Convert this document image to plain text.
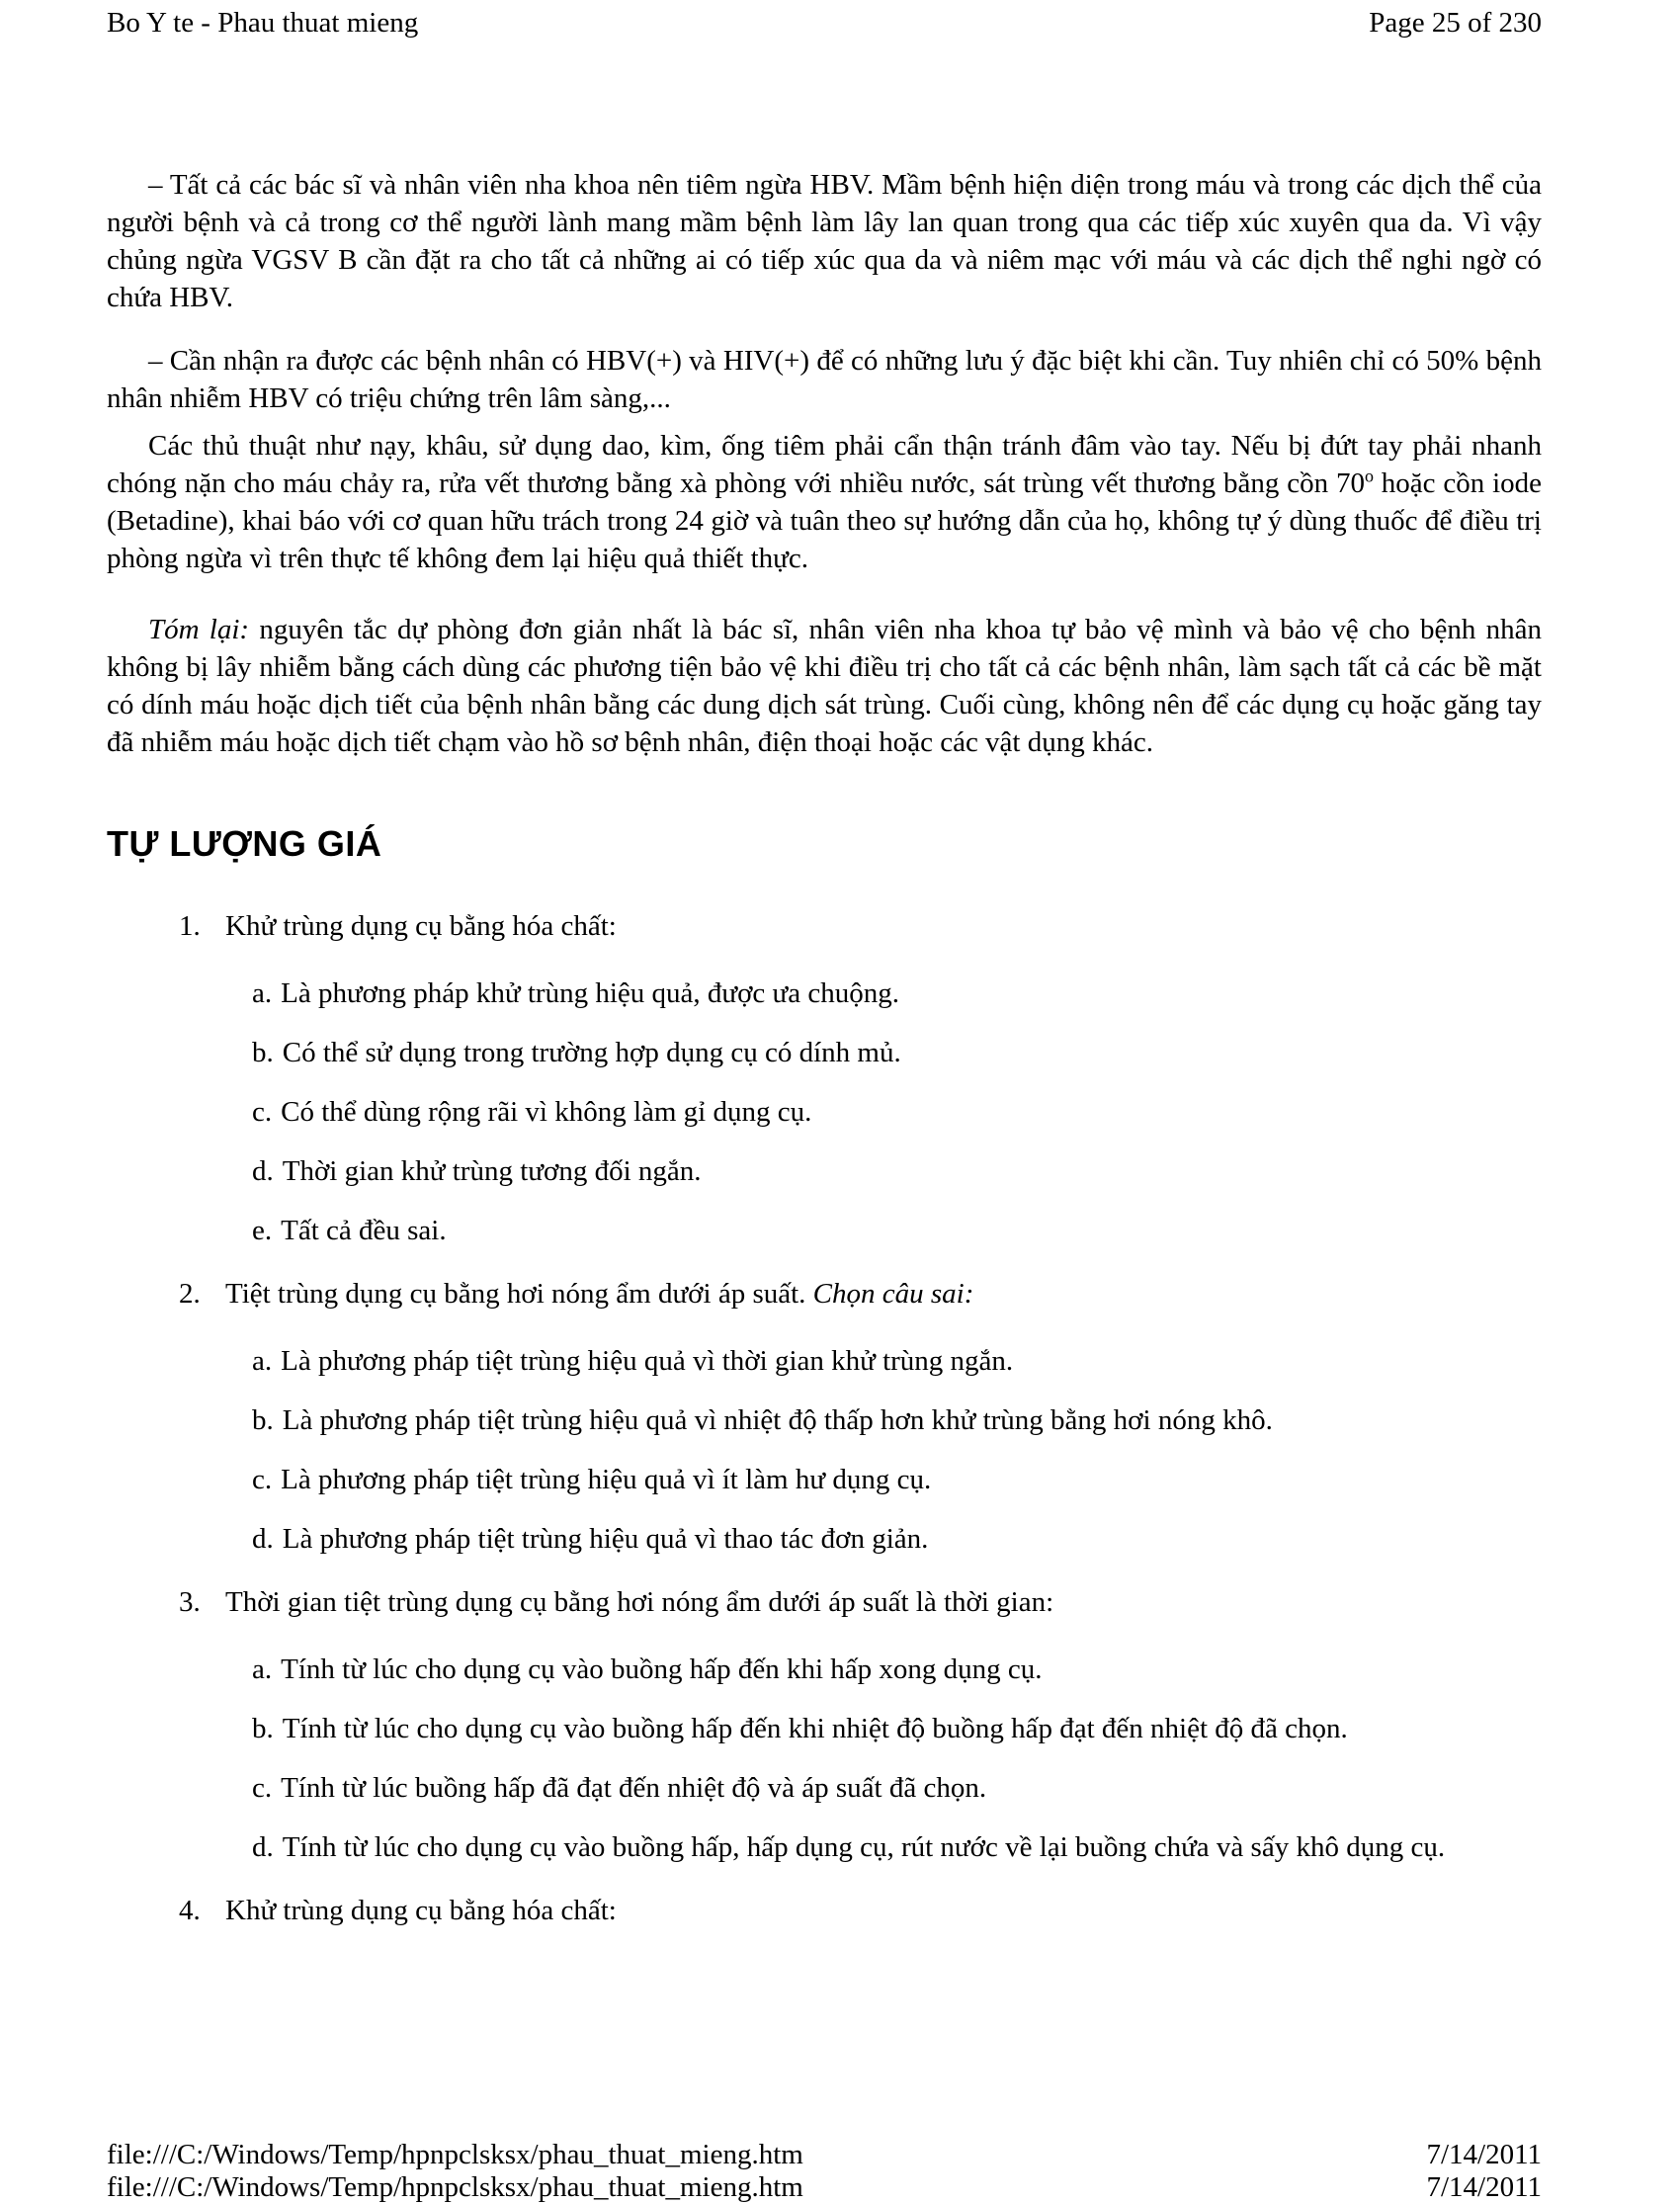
Bo Y te - Phau thuat mieng	Page 25 of 230

– Tất cả các bác sĩ và nhân viên nha khoa nên tiêm ngừa HBV. Mầm bệnh hiện diện trong máu và trong các dịch thể của người bệnh và cả trong cơ thể người lành mang mầm bệnh làm lây lan quan trong qua các tiếp xúc xuyên qua da. Vì vậy chủng ngừa VGSV B cần đặt ra cho tất cả những ai có tiếp xúc qua da và niêm mạc với máu và các dịch thể nghi ngờ có chứa HBV.

– Cần nhận ra được các bệnh nhân có HBV(+) và HIV(+) để có những lưu ý đặc biệt khi cần. Tuy nhiên chỉ có 50% bệnh nhân nhiễm HBV có triệu chứng trên lâm sàng,...

Các thủ thuật như nạy, khâu, sử dụng dao, kìm, ống tiêm phải cẩn thận tránh đâm vào tay. Nếu bị đứt tay phải nhanh chóng nặn cho máu chảy ra, rửa vết thương bằng xà phòng với nhiều nước, sát trùng vết thương bằng cồn 70$^o$ hoặc cồn iode (Betadine), khai báo với cơ quan hữu trách trong 24 giờ và tuân theo sự hướng dẫn của họ, không tự ý dùng thuốc để điều trị phòng ngừa vì trên thực tế không đem lại hiệu quả thiết thực.

Tóm lại: nguyên tắc dự phòng đơn giản nhất là bác sĩ, nhân viên nha khoa tự bảo vệ mình và bảo vệ cho bệnh nhân không bị lây nhiễm bằng cách dùng các phương tiện bảo vệ khi điều trị cho tất cả các bệnh nhân, làm sạch tất cả các bề mặt có dính máu hoặc dịch tiết của bệnh nhân bằng các dung dịch sát trùng. Cuối cùng, không nên để các dụng cụ hoặc găng tay đã nhiễm máu hoặc dịch tiết chạm vào hồ sơ bệnh nhân, điện thoại hoặc các vật dụng khác.

TỰ LƯỢNG GIÁ
1. Khử trùng dụng cụ bằng hóa chất:
a. Là phương pháp khử trùng hiệu quả, được ưa chuộng.
b. Có thể sử dụng trong trường hợp dụng cụ có dính mủ.
c. Có thể dùng rộng rãi vì không làm gỉ dụng cụ.
d. Thời gian khử trùng tương đối ngắn.
e. Tất cả đều sai.
2. Tiệt trùng dụng cụ bằng hơi nóng ẩm dưới áp suất. Chọn câu sai:
a. Là phương pháp tiệt trùng hiệu quả vì thời gian khử trùng ngắn.
b. Là phương pháp tiệt trùng hiệu quả vì nhiệt độ thấp hơn khử trùng bằng hơi nóng khô.
c. Là phương pháp tiệt trùng hiệu quả vì ít làm hư dụng cụ.
d. Là phương pháp tiệt trùng hiệu quả vì thao tác đơn giản.
3. Thời gian tiệt trùng dụng cụ bằng hơi nóng ẩm dưới áp suất là thời gian:
a. Tính từ lúc cho dụng cụ vào buồng hấp đến khi hấp xong dụng cụ.
b. Tính từ lúc cho dụng cụ vào buồng hấp đến khi nhiệt độ buồng hấp đạt đến nhiệt độ đã chọn.
c. Tính từ lúc buồng hấp đã đạt đến nhiệt độ và áp suất đã chọn.
d. Tính từ lúc cho dụng cụ vào buồng hấp, hấp dụng cụ, rút nước về lại buồng chứa và sấy khô dụng cụ.
4. Khử trùng dụng cụ bằng hóa chất:
file:///C:/Windows/Temp/hpnpclsksx/phau_thuat_mieng.htm	7/14/2011
file:///C:/Windows/Temp/hpnpclsksx/phau_thuat_mieng.htm	7/14/2011
